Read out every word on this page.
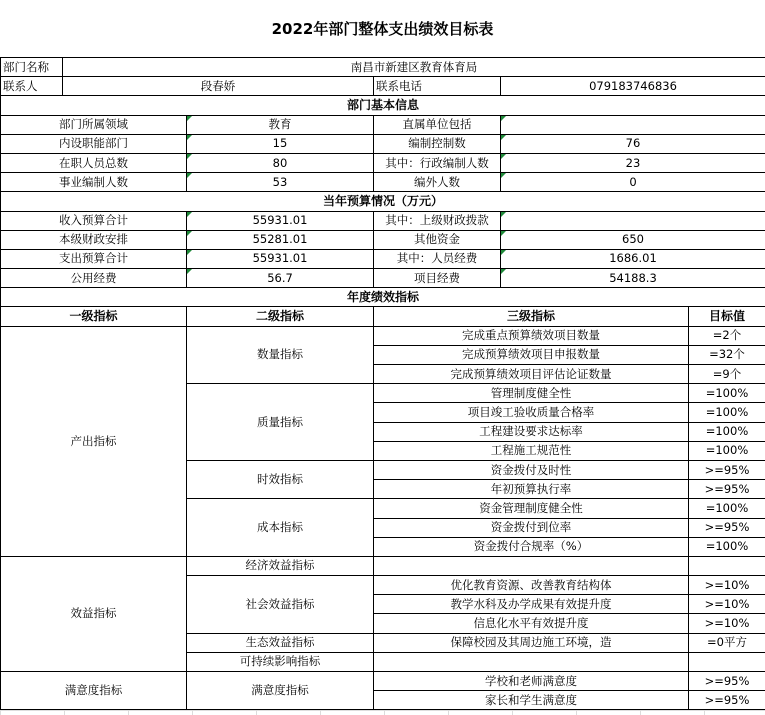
2022年部门整体支出绩效目标表
部门名称	南昌市新建区教育体育局				
联系人	段春娇		联系电话	079183746836	
部门基本信息					
部门所属领域		教育	直属单位包括		
内设职能部门		15	编制控制数	76	
在职人员总数		80	其中：行政编制人数	23	
事业编制人数		53	编外人数	0	
当年预算情况（万元）					
收入预算合计		55931.01	其中：上级财政拨款		
本级财政安排		55281.01	其他资金	650	
支出预算合计		55931.01	其中：人员经费	1686.01	
公用经费		56.7	项目经费	54188.3	
年度绩效指标					
一级指标		二级指标	三级指标		目标值
产出指标		数量指标	完成重点预算绩效项目数量		=2个
			完成预算绩效项目申报数量		=32个
			完成预算绩效项目评估论证数量		=9个
		质量指标	管理制度健全性		=100%
			项目竣工验收质量合格率		=100%
			工程建设要求达标率		=100%
			工程施工规范性		=100%
		时效指标	资金拨付及时性		>=95%
			年初预算执行率		>=95%
		成本指标	资金管理制度健全性		=100%
			资金拨付到位率		>=95%
			资金拨付合规率（%）		=100%
效益指标		经济效益指标			
		社会效益指标	优化教育资源、改善教育结构体		>=10%
			教学水科及办学成果有效提升度		>=10%
			信息化水平有效提升度		>=10%
		生态效益指标	保障校园及其周边施工环境，造		=0平方
		可持续影响指标			
满意度指标		满意度指标	学校和老师满意度		>=95%
			家长和学生满意度		>=95%
